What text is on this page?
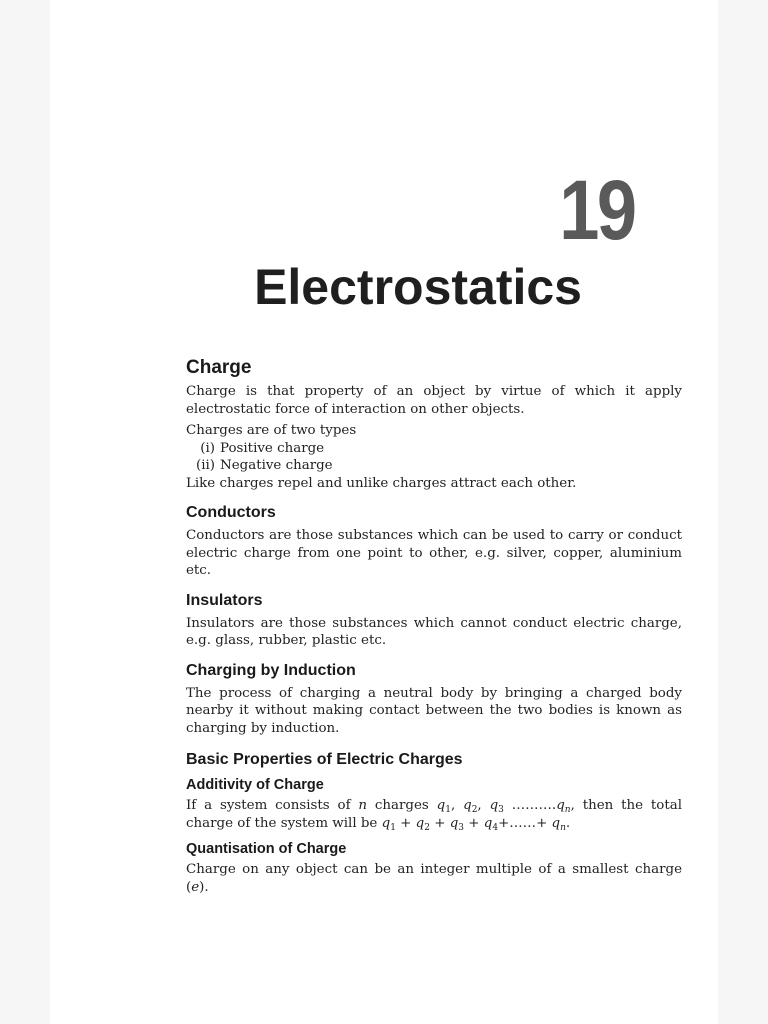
19
Electrostatics
Charge

Charge is that property of an object by virtue of which it apply electrostatic force of interaction on other objects.

Charges are of two types

(i) Positive charge
(ii) Negative charge

Like charges repel and unlike charges attract each other.

Conductors

Conductors are those substances which can be used to carry or conduct electric charge from one point to other, e.g. silver, copper, aluminium etc.

Insulators

Insulators are those substances which cannot conduct electric charge, e.g. glass, rubber, plastic etc.

Charging by Induction

The process of charging a neutral body by bringing a charged body nearby it without making contact between the two bodies is known as charging by induction.

Basic Properties of Electric Charges
Additivity of Charge

If a system consists of n charges $q_1$, $q_2$, $q_3$ $\dots\dots\dots.q_n$, then the total charge of the system will be $q_1 + q_2 + q_3$ + $q_4+\dots\dots+ q_n$.

Quantisation of Charge

Charge on any object can be an integer multiple of a smallest charge (e).
